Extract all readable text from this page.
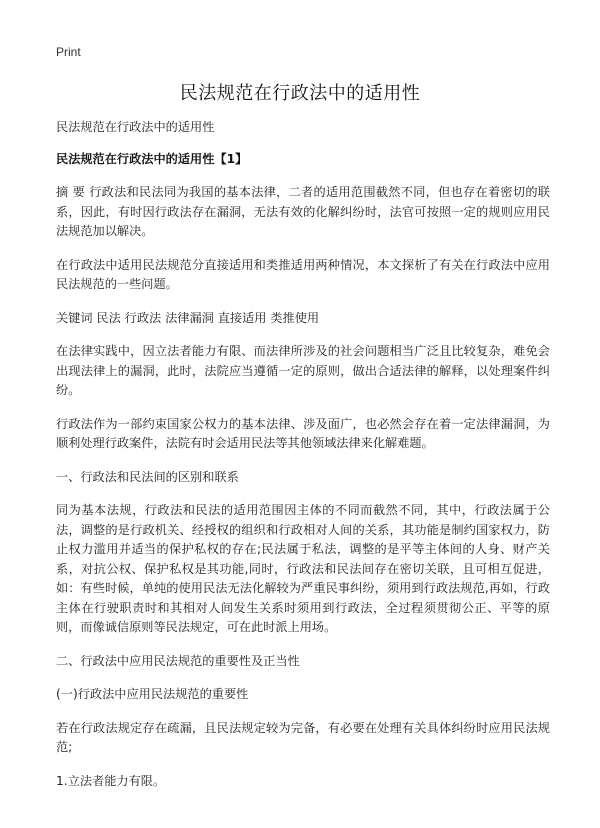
Print
民法规范在行政法中的适用性

民法规范在行政法中的适用性

民法规范在行政法中的适用性【1】

摘 要 行政法和民法同为我国的基本法律，二者的适用范围截然不同，但也存在着密切的联系，因此，有时因行政法存在漏洞，无法有效的化解纠纷时，法官可按照一定的规则应用民法规范加以解决。

在行政法中适用民法规范分直接适用和类推适用两种情况，本文探析了有关在行政法中应用民法规范的一些问题。

关键词 民法 行政法 法律漏洞 直接适用 类推使用

在法律实践中，因立法者能力有限、而法律所涉及的社会问题相当广泛且比较复杂，难免会出现法律上的漏洞，此时，法院应当遵循一定的原则，做出合适法律的解释，以处理案件纠纷。

行政法作为一部约束国家公权力的基本法律、涉及面广，也必然会存在着一定法律漏洞，为顺利处理行政案件，法院有时会适用民法等其他领域法律来化解难题。

一、行政法和民法间的区别和联系

同为基本法规，行政法和民法的适用范围因主体的不同而截然不同，其中，行政法属于公法，调整的是行政机关、经授权的组织和行政相对人间的关系，其功能是制约国家权力，防止权力滥用并适当的保护私权的存在;民法属于私法，调整的是平等主体间的人身、财产关系，对抗公权、保护私权是其功能,同时，行政法和民法间存在密切关联，且可相互促进，如：有些时候，单纯的使用民法无法化解较为严重民事纠纷，须用到行政法规范,再如，行政主体在行驶职责时和其相对人间发生关系时须用到行政法，全过程须贯彻公正、平等的原则，而像诚信原则等民法规定，可在此时派上用场。

二、行政法中应用民法规范的重要性及正当性

(一)行政法中应用民法规范的重要性

若在行政法规定存在疏漏，且民法规定较为完备，有必要在处理有关具体纠纷时应用民法规范;

1.立法者能力有限。
